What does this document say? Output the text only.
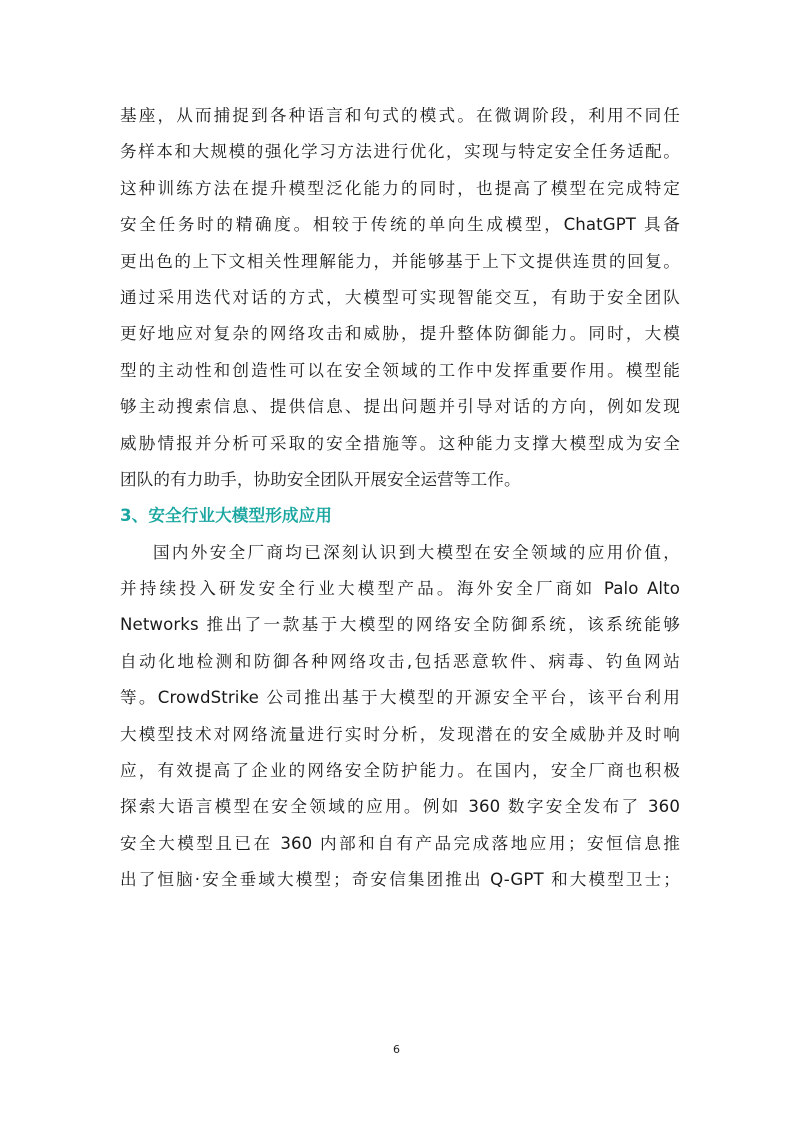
基座，从而捕捉到各种语言和句式的模式。在微调阶段，利用不同任
务样本和大规模的强化学习方法进行优化，实现与特定安全任务适配。
这种训练方法在提升模型泛化能力的同时，也提高了模型在完成特定
安全任务时的精确度。相较于传统的单向生成模型，ChatGPT 具备
更出色的上下文相关性理解能力，并能够基于上下文提供连贯的回复。
通过采用迭代对话的方式，大模型可实现智能交互，有助于安全团队
更好地应对复杂的网络攻击和威胁，提升整体防御能力。同时，大模
型的主动性和创造性可以在安全领域的工作中发挥重要作用。模型能
够主动搜索信息、提供信息、提出问题并引导对话的方向，例如发现
威胁情报并分析可采取的安全措施等。这种能力支撑大模型成为安全
团队的有力助手，协助安全团队开展安全运营等工作。
3、安全行业大模型形成应用
国内外安全厂商均已深刻认识到大模型在安全领域的应用价值，
并持续投入研发安全行业大模型产品。海外安全厂商如 Palo Alto
Networks 推出了一款基于大模型的网络安全防御系统，该系统能够
自动化地检测和防御各种网络攻击,包括恶意软件、病毒、钓鱼网站
等。CrowdStrike 公司推出基于大模型的开源安全平台，该平台利用
大模型技术对网络流量进行实时分析，发现潜在的安全威胁并及时响
应，有效提高了企业的网络安全防护能力。在国内，安全厂商也积极
探索大语言模型在安全领域的应用。例如 360 数字安全发布了 360
安全大模型且已在 360 内部和自有产品完成落地应用；安恒信息推
出了恒脑·安全垂域大模型；奇安信集团推出 Q-GPT 和大模型卫士；
6
